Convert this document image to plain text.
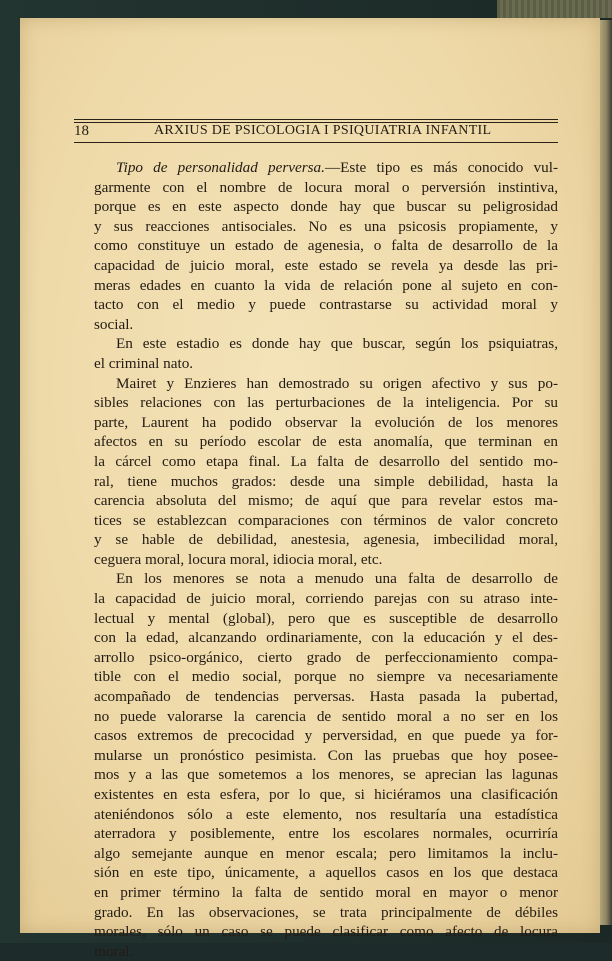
18	ARXIUS DE PSICOLOGIA I PSIQUIATRIA INFANTIL
Tipo de personalidad perversa.—Este tipo es más conocido vul-
garmente con el nombre de locura moral o perversión instintiva,
porque es en este aspecto donde hay que buscar su peligrosidad
y sus reacciones antisociales. No es una psicosis propiamente, y
como constituye un estado de agenesia, o falta de desarrollo de la
capacidad de juicio moral, este estado se revela ya desde las pri-
meras edades en cuanto la vida de relación pone al sujeto en con-
tacto con el medio y puede contrastarse su actividad moral y
social.
En este estadio es donde hay que buscar, según los psiquiatras,
el criminal nato.
Mairet y Enzieres han demostrado su origen afectivo y sus po-
sibles relaciones con las perturbaciones de la inteligencia. Por su
parte, Laurent ha podido observar la evolución de los menores
afectos en su período escolar de esta anomalía, que terminan en
la cárcel como etapa final. La falta de desarrollo del sentido mo-
ral, tiene muchos grados: desde una simple debilidad, hasta la
carencia absoluta del mismo; de aquí que para revelar estos ma-
tices se establezcan comparaciones con términos de valor concreto
y se hable de debilidad, anestesia, agenesia, imbecilidad moral,
ceguera moral, locura moral, idiocia moral, etc.
En los menores se nota a menudo una falta de desarrollo de
la capacidad de juicio moral, corriendo parejas con su atraso inte-
lectual y mental (global), pero que es susceptible de desarrollo
con la edad, alcanzando ordinariamente, con la educación y el des-
arrollo psico-orgánico, cierto grado de perfeccionamiento compa-
tible con el medio social, porque no siempre va necesariamente
acompañado de tendencias perversas. Hasta pasada la pubertad,
no puede valorarse la carencia de sentido moral a no ser en los
casos extremos de precocidad y perversidad, en que puede ya for-
mularse un pronóstico pesimista. Con las pruebas que hoy posee-
mos y a las que sometemos a los menores, se aprecian las lagunas
existentes en esta esfera, por lo que, si hiciéramos una clasificación
ateniéndonos sólo a este elemento, nos resultaría una estadística
aterradora y posiblemente, entre los escolares normales, ocurriría
algo semejante aunque en menor escala; pero limitamos la inclu-
sión en este tipo, únicamente, a aquellos casos en los que destaca
en primer término la falta de sentido moral en mayor o menor
grado. En las observaciones, se trata principalmente de débiles
morales, sólo un caso se puede clasificar como afecto de locura
moral.
